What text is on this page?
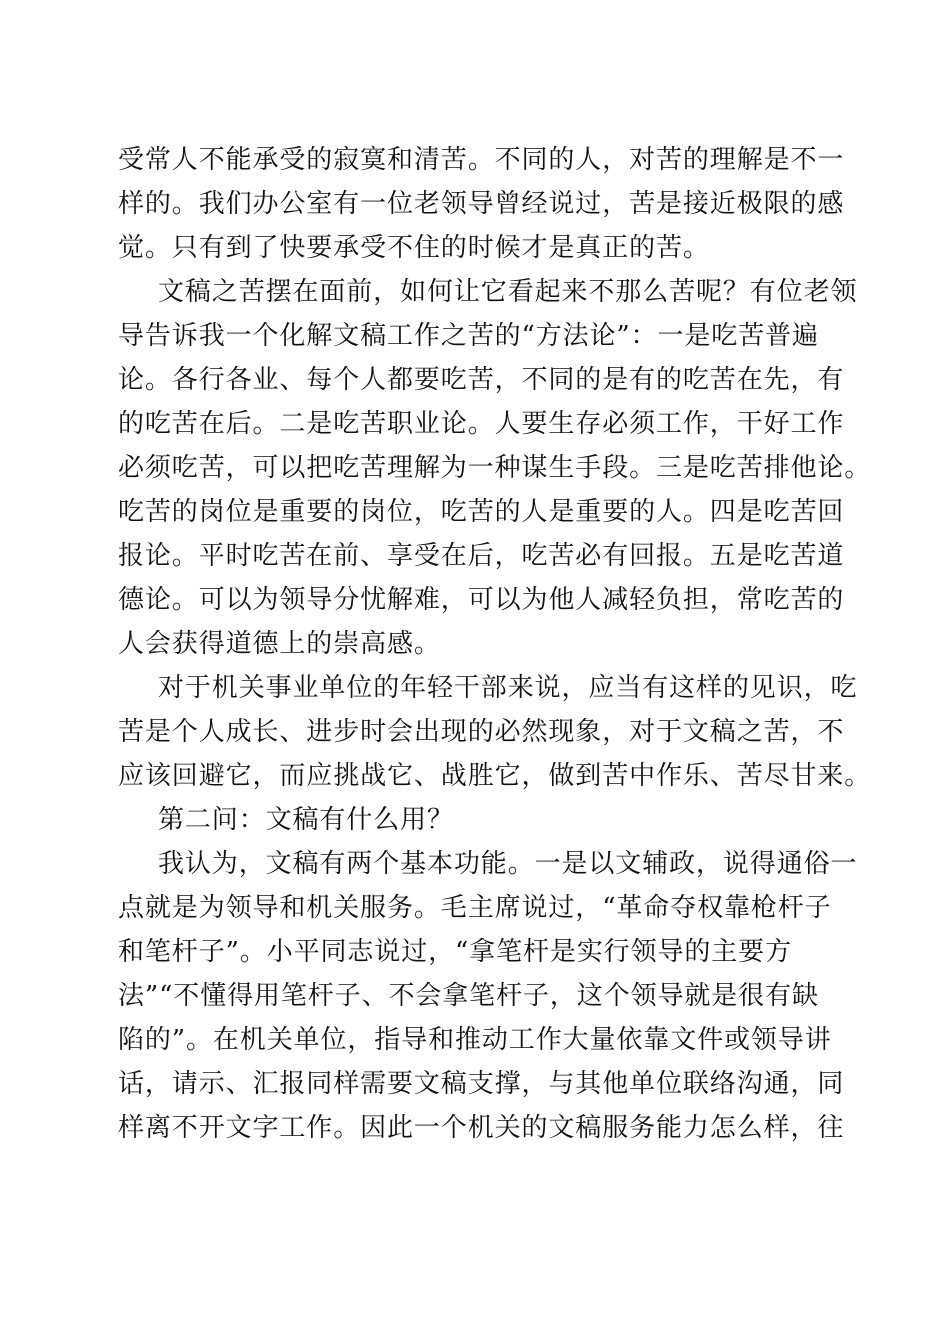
受常人不能承受的寂寞和清苦。不同的人，对苦的理解是不一
样的。我们办公室有一位老领导曾经说过，苦是接近极限的感
觉。只有到了快要承受不住的时候才是真正的苦。
文稿之苦摆在面前，如何让它看起来不那么苦呢？有位老领
导告诉我一个化解文稿工作之苦的“方法论”：一是吃苦普遍
论。各行各业、每个人都要吃苦，不同的是有的吃苦在先，有
的吃苦在后。二是吃苦职业论。人要生存必须工作，干好工作
必须吃苦，可以把吃苦理解为一种谋生手段。三是吃苦排他论。
吃苦的岗位是重要的岗位，吃苦的人是重要的人。四是吃苦回
报论。平时吃苦在前、享受在后，吃苦必有回报。五是吃苦道
德论。可以为领导分忧解难，可以为他人减轻负担，常吃苦的
人会获得道德上的崇高感。
对于机关事业单位的年轻干部来说，应当有这样的见识，吃
苦是个人成长、进步时会出现的必然现象，对于文稿之苦，不
应该回避它，而应挑战它、战胜它，做到苦中作乐、苦尽甘来。
第二问：文稿有什么用？
我认为，文稿有两个基本功能。一是以文辅政，说得通俗一
点就是为领导和机关服务。毛主席说过，“革命夺权靠枪杆子
和笔杆子”。小平同志说过，“拿笔杆是实行领导的主要方
法”“不懂得用笔杆子、不会拿笔杆子，这个领导就是很有缺
陷的”。在机关单位，指导和推动工作大量依靠文件或领导讲
话，请示、汇报同样需要文稿支撑，与其他单位联络沟通，同
样离不开文字工作。因此一个机关的文稿服务能力怎么样，往
